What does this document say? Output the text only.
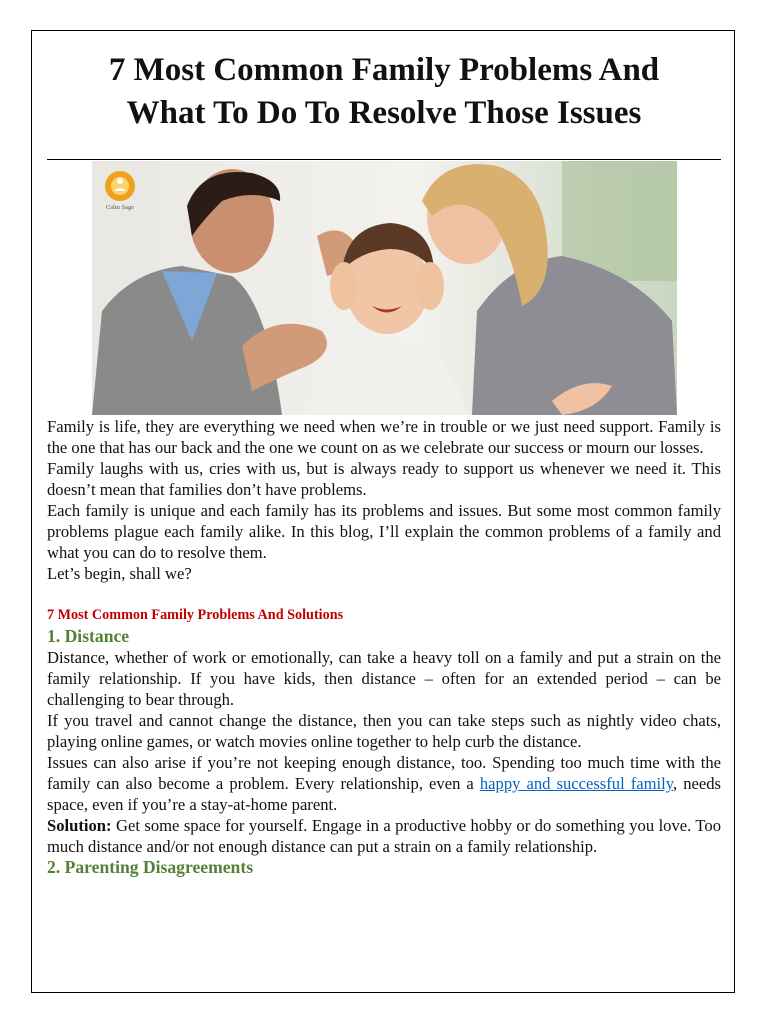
7 Most Common Family Problems And
What To Do To Resolve Those Issues
Calm Sage

Family is life, they are everything we need when we’re in trouble or we just need support. Family is the one that has our back and the one we count on as we celebrate our success or mourn our losses.

Family laughs with us, cries with us, but is always ready to support us whenever we need it. This doesn’t mean that families don’t have problems.

Each family is unique and each family has its problems and issues. But some most common family problems plague each family alike. In this blog, I’ll explain the common problems of a family and what you can do to resolve them.

Let’s begin, shall we?

7 Most Common Family Problems And Solutions

1. Distance

Distance, whether of work or emotionally, can take a heavy toll on a family and put a strain on the family relationship. If you have kids, then distance – often for an extended period – can be challenging to bear through.

If you travel and cannot change the distance, then you can take steps such as nightly video chats, playing online games, or watch movies online together to help curb the distance.

Issues can also arise if you’re not keeping enough distance, too. Spending too much time with the family can also become a problem. Every relationship, even a happy and successful family, needs space, even if you’re a stay-at-home parent.

Solution: Get some space for yourself. Engage in a productive hobby or do something you love. Too much distance and/or not enough distance can put a strain on a family relationship.

2. Parenting Disagreements
